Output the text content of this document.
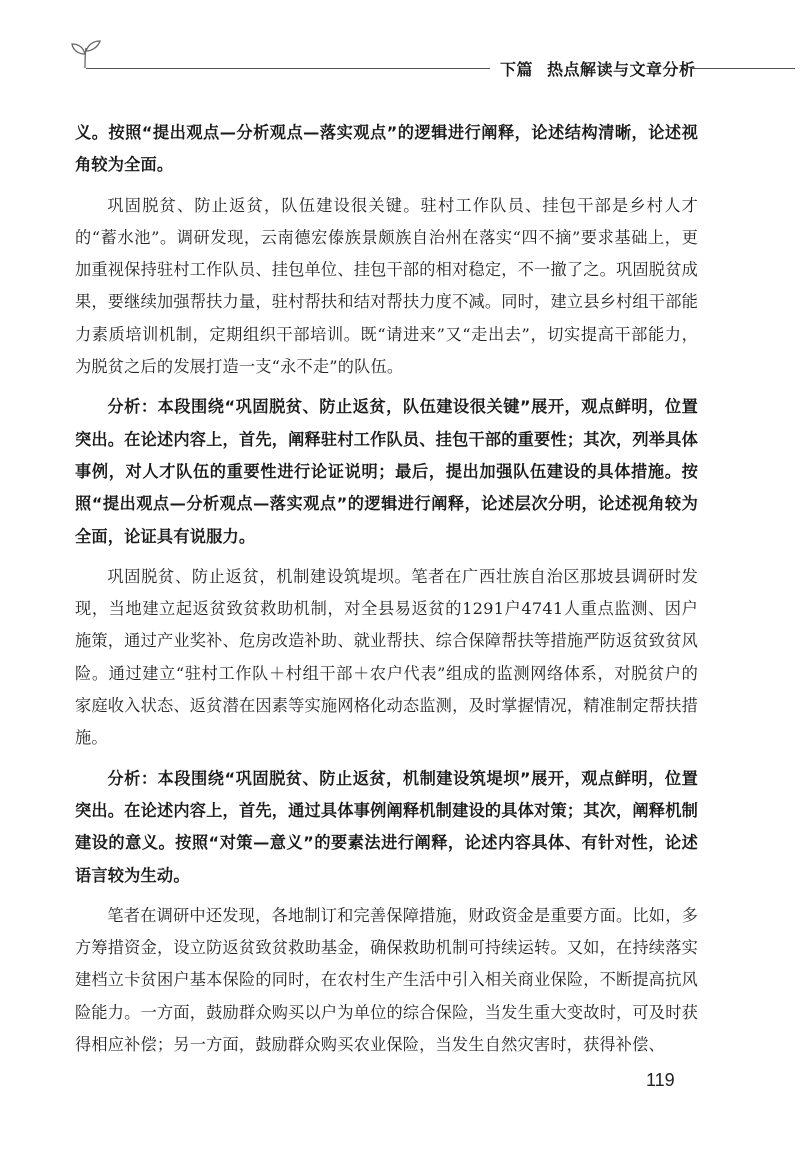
下篇 热点解读与文章分析

义。按照“提出观点—分析观点—落实观点”的逻辑进行阐释，论述结构清晰，论述视角较为全面。

巩固脱贫、防止返贫，队伍建设很关键。驻村工作队员、挂包干部是乡村人才的“蓄水池”。调研发现，云南德宏傣族景颇族自治州在落实“四不摘”要求基础上，更加重视保持驻村工作队员、挂包单位、挂包干部的相对稳定，不一撤了之。巩固脱贫成果，要继续加强帮扶力量，驻村帮扶和结对帮扶力度不减。同时，建立县乡村组干部能力素质培训机制，定期组织干部培训。既“请进来”又“走出去”，切实提高干部能力，为脱贫之后的发展打造一支“永不走”的队伍。

分析：本段围绕“巩固脱贫、防止返贫，队伍建设很关键”展开，观点鲜明，位置突出。在论述内容上，首先，阐释驻村工作队员、挂包干部的重要性；其次，列举具体事例，对人才队伍的重要性进行论证说明；最后，提出加强队伍建设的具体措施。按照“提出观点—分析观点—落实观点”的逻辑进行阐释，论述层次分明，论述视角较为全面，论证具有说服力。

巩固脱贫、防止返贫，机制建设筑堤坝。笔者在广西壮族自治区那坡县调研时发现，当地建立起返贫致贫救助机制，对全县易返贫的1291户4741人重点监测、因户施策，通过产业奖补、危房改造补助、就业帮扶、综合保障帮扶等措施严防返贫致贫风险。通过建立“驻村工作队＋村组干部＋农户代表”组成的监测网络体系，对脱贫户的家庭收入状态、返贫潜在因素等实施网格化动态监测，及时掌握情况，精准制定帮扶措施。

分析：本段围绕“巩固脱贫、防止返贫，机制建设筑堤坝”展开，观点鲜明，位置突出。在论述内容上，首先，通过具体事例阐释机制建设的具体对策；其次，阐释机制建设的意义。按照“对策—意义”的要素法进行阐释，论述内容具体、有针对性，论述语言较为生动。

笔者在调研中还发现，各地制订和完善保障措施，财政资金是重要方面。比如，多方筹措资金，设立防返贫致贫救助基金，确保救助机制可持续运转。又如，在持续落实建档立卡贫困户基本保险的同时，在农村生产生活中引入相关商业保险，不断提高抗风险能力。一方面，鼓励群众购买以户为单位的综合保险，当发生重大变故时，可及时获得相应补偿；另一方面，鼓励群众购买农业保险，当发生自然灾害时，获得补偿、

119
